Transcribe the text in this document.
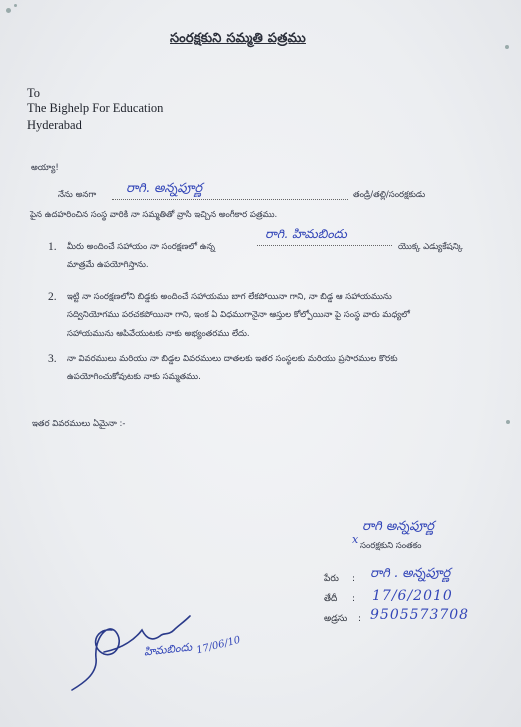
సంరక్షకుని సమ్మతి పత్రము
To
The Bighelp For Education
Hyderabad
అయ్యా!
నేను అనగా రాగి. అన్నపూర్ణ	తండ్రి/తల్లి/సంరక్షకుడు
పైన ఉదహరించిన సంస్థ వారికి నా సమ్మతితో వ్రాసి ఇచ్చిన అంగీకార పత్రము.
1. మీరు అందించే సహాయం నా సంరక్షణలో ఉన్న
రాగి. హిమబిందు
యొక్క ఎడ్యుకేషన్కి
మాత్రమే ఉపయోగిస్తాను.
2. ఇట్టి నా సంరక్షణలోని బిడ్డకు అందించే సహాయము బాగ లేకపోయినా గాని, నా బిడ్డ ఆ సహాయమును
సద్వినియోగము పరచకపోయినా గాని, ఇంక ఏ విధముగానైనా ఆస్తుల కోల్పోయినా పై సంస్థ వారు మధ్యలో
సహాయమును ఆపివేయుటకు నాకు అభ్యంతరము లేదు.
3. నా వివరములు మరియు నా బిడ్డల వివరములు దాతలకు ఇతర సంస్థలకు మరియు ప్రసారముల కొరకు
ఉపయోగించుకోవుటకు నాకు సమ్మతము.
ఇతర వివరములు ఏమైనా :-
రాగి అన్నపూర్ణ
సంరక్షకుని సంతకం
x
పేరు : రాగి . అన్నపూర్ణ
తేదీ : 17/6/2010
అడ్రసు : 9505573708
హిమబిందు 17/06/10
